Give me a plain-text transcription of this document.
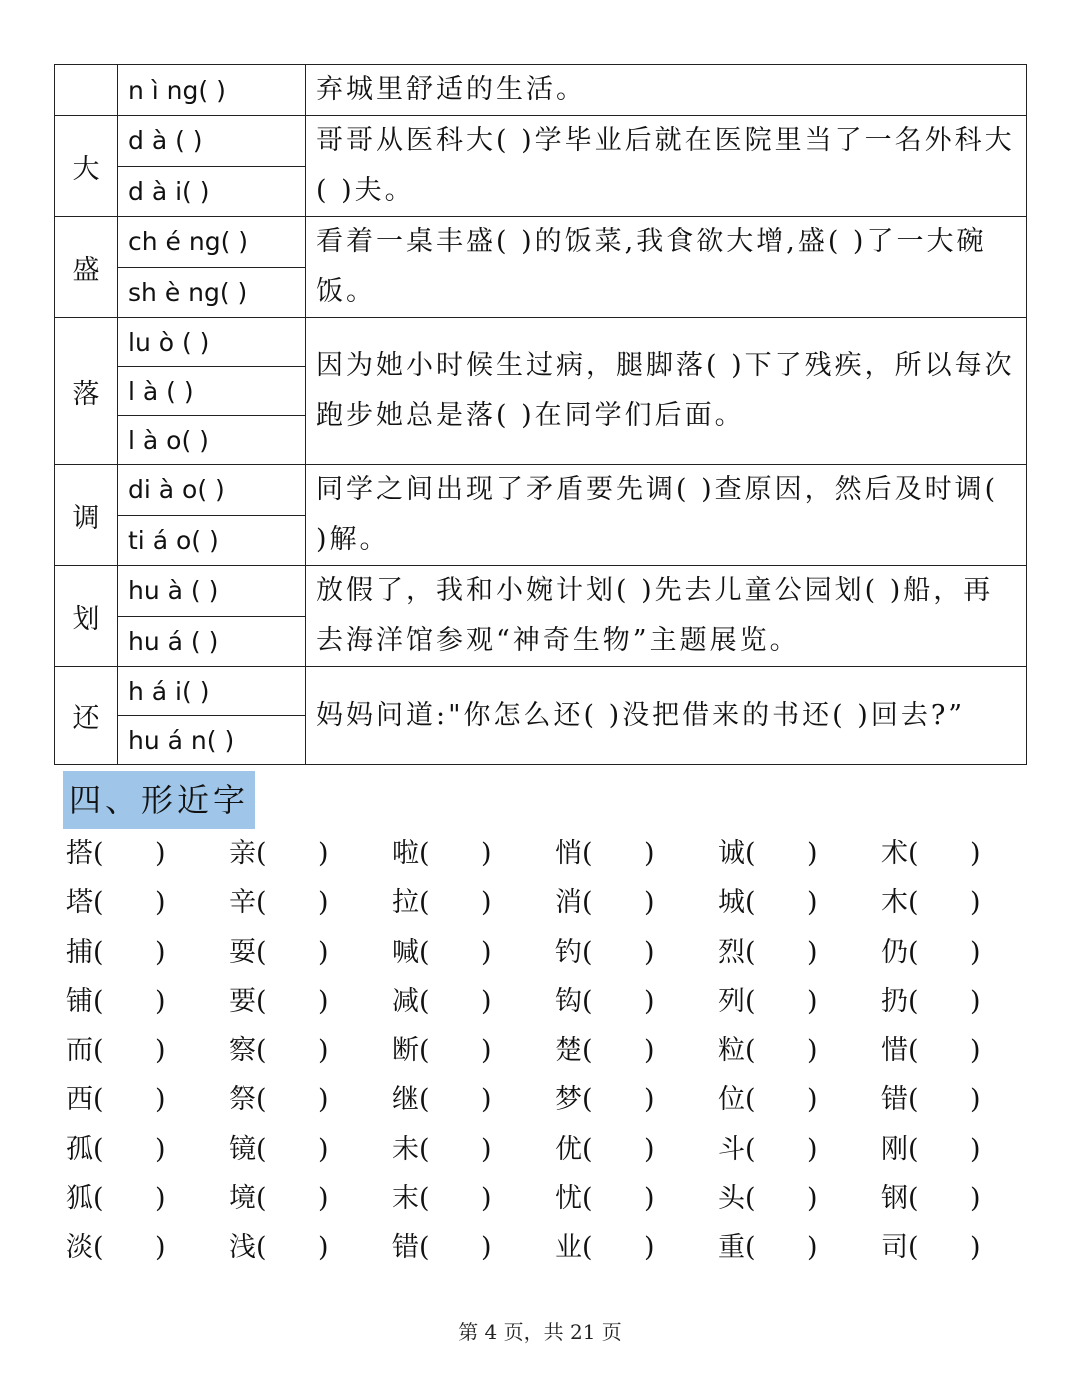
	n ì ng( )	弃城里舒适的生活。
大	d à ( )	哥哥从医科大( )学毕业后就在医院里当了一名外科大( )夫。
	d à i( )	
盛	ch é ng( )	看着一桌丰盛( )的饭菜,我食欲大增,盛( )了一大碗饭。
	sh è ng( )	
落	lu ò ( )	因为她小时候生过病，腿脚落( )下了残疾，所以每次跑步她总是落( )在同学们后面。
	l à ( )	
	l à o( )	
调	di à o( )	同学之间出现了矛盾要先调( )查原因，然后及时调( )解。
	ti á o( )	
划	hu à ( )	放假了，我和小婉计划( )先去儿童公园划( )船，再去海洋馆参观“神奇生物”主题展览。
	hu á ( )	
还	h á i( )	妈妈问道:"你怎么还( )没把借来的书还( )回去?”
	hu á n( )	
四、形近字
搭(      )	亲(      )	啦(      )	悄(      )	诚(      )	术(      )
塔(      )	辛(      )	拉(      )	消(      )	城(      )	木(      )
捕(      )	耍(      )	喊(      )	钓(      )	烈(      )	仍(      )
铺(      )	要(      )	减(      )	钩(      )	列(      )	扔(      )
而(      )	察(      )	断(      )	楚(      )	粒(      )	惜(      )
西(      )	祭(      )	继(      )	梦(      )	位(      )	错(      )
孤(      )	镜(      )	未(      )	优(      )	斗(      )	刚(      )
狐(      )	境(      )	末(      )	忧(      )	头(      )	钢(      )
淡(      )	浅(      )	错(      )	业(      )	重(      )	司(      )
第 4 页，共 21 页
